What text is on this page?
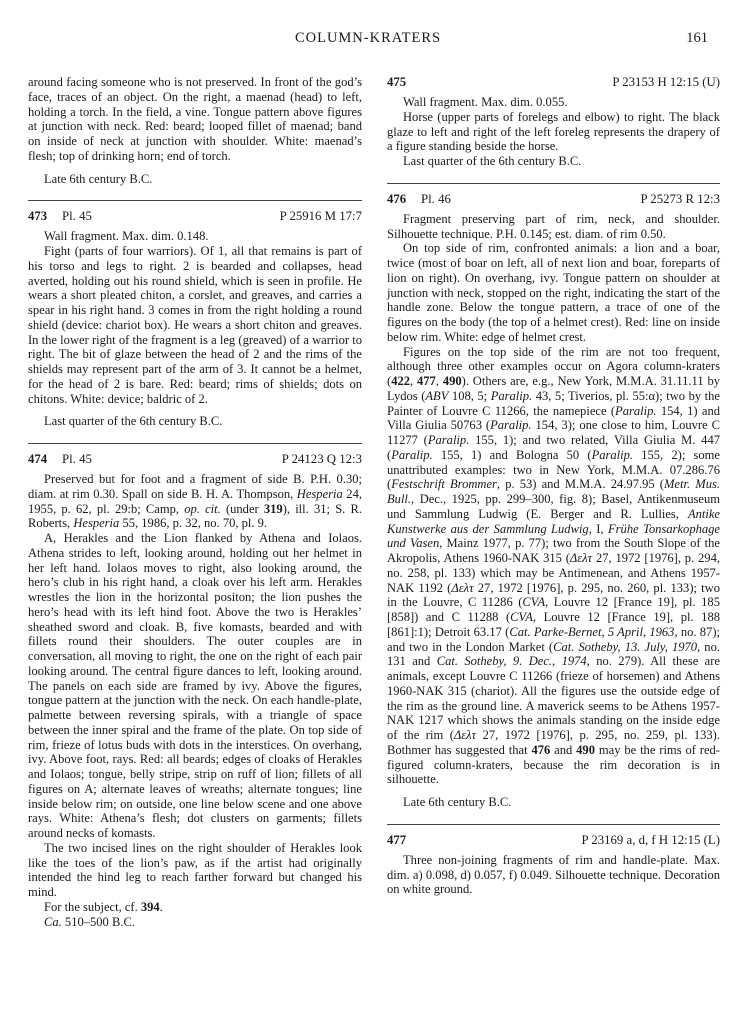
COLUMN-KRATERS	161

around facing someone who is not preserved. In front of the god’s face, traces of an object. On the right, a maenad (head) to left, holding a torch. In the field, a vine. Tongue pattern above figures at junction with neck. Red: beard; looped fillet of maenad; band on inside of neck at junction with shoulder. White: maenad’s flesh; top of drinking horn; end of torch.

Late 6th century B.C.

473 Pl. 45	P 25916 M 17:7

Wall fragment. Max. dim. 0.148.

Fight (parts of four warriors). Of 1, all that remains is part of his torso and legs to right. 2 is bearded and collapses, head averted, holding out his round shield, which is seen in profile. He wears a short pleated chiton, a corslet, and greaves, and carries a spear in his right hand. 3 comes in from the right holding a round shield (device: chariot box). He wears a short chiton and greaves. In the lower right of the fragment is a leg (greaved) of a warrior to right. The bit of glaze between the head of 2 and the rims of the shields may represent part of the arm of 3. It cannot be a helmet, for the head of 2 is bare. Red: beard; rims of shields; dots on chitons. White: device; baldric of 2.

Last quarter of the 6th century B.C.

474 Pl. 45	P 24123 Q 12:3

Preserved but for foot and a fragment of side B. P.H. 0.30; diam. at rim 0.30. Spall on side B. H. A. Thompson, Hesperia 24, 1955, p. 62, pl. 29:b; Camp, op. cit. (under 319), ill. 31; S. R. Roberts, Hesperia 55, 1986, p. 32, no. 70, pl. 9.

A, Herakles and the Lion flanked by Athena and Iolaos. Athena strides to left, looking around, holding out her helmet in her left hand. Iolaos moves to right, also looking around, the hero’s club in his right hand, a cloak over his left arm. Herakles wrestles the lion in the horizontal positon; the lion pushes the hero’s head with its left hind foot. Above the two is Herakles’ sheathed sword and cloak. B, five komasts, bearded and with fillets round their shoulders. The outer couples are in conversation, all moving to right, the one on the right of each pair looking around. The central figure dances to left, looking around. The panels on each side are framed by ivy. Above the figures, tongue pattern at the junction with the neck. On each handle-plate, palmette between reversing spirals, with a triangle of space between the inner spiral and the frame of the plate. On top side of rim, frieze of lotus buds with dots in the interstices. On overhang, ivy. Above foot, rays. Red: all beards; edges of cloaks of Herakles and Iolaos; tongue, belly stripe, strip on ruff of lion; fillets of all figures on A; alternate leaves of wreaths; alternate tongues; line inside below rim; on outside, one line below scene and one above rays. White: Athena’s flesh; dot clusters on garments; fillets around necks of komasts.

The two incised lines on the right shoulder of Herakles look like the toes of the lion’s paw, as if the artist had originally intended the hind leg to reach farther forward but changed his mind.

For the subject, cf. 394.

Ca. 510–500 B.C.

475	P 23153 H 12:15 (U)

Wall fragment. Max. dim. 0.055.

Horse (upper parts of forelegs and elbow) to right. The black glaze to left and right of the left foreleg represents the drapery of a figure standing beside the horse.

Last quarter of the 6th century B.C.

476 Pl. 46	P 25273 R 12:3

Fragment preserving part of rim, neck, and shoulder. Silhouette technique. P.H. 0.145; est. diam. of rim 0.50.

On top side of rim, confronted animals: a lion and a boar, twice (most of boar on left, all of next lion and boar, foreparts of lion on right). On overhang, ivy. Tongue pattern on shoulder at junction with neck, stopped on the right, indicating the start of the handle zone. Below the tongue pattern, a trace of one of the figures on the body (the top of a helmet crest). Red: line on inside below rim. White: edge of helmet crest.

Figures on the top side of the rim are not too frequent, although three other examples occur on Agora column-kraters (422, 477, 490). Others are, e.g., New York, M.M.A. 31.11.11 by Lydos (ABV 108, 5; Paralip. 43, 5; Tiverios, pl. 55:α); two by the Painter of Louvre C 11266, the namepiece (Paralip. 154, 1) and Villa Giulia 50763 (Paralip. 154, 3); one close to him, Louvre C 11277 (Paralip. 155, 1); and two related, Villa Giulia M. 447 (Paralip. 155, 1) and Bologna 50 (Paralip. 155, 2); some unattributed examples: two in New York, M.M.A. 07.286.76 (Festschrift Brommer, p. 53) and M.M.A. 24.97.95 (Metr. Mus. Bull., Dec., 1925, pp. 299–300, fig. 8); Basel, Antikenmuseum und Sammlung Ludwig (E. Berger and R. Lullies, Antike Kunstwerke aus der Sammlung Ludwig, I, Frühe Tonsarkophage und Vasen, Mainz 1977, p. 77); two from the South Slope of the Akropolis, Athens 1960-NAK 315 (Δελτ 27, 1972 [1976], p. 294, no. 258, pl. 133) which may be Antimenean, and Athens 1957-NAK 1192 (Δελτ 27, 1972 [1976], p. 295, no. 260, pl. 133); two in the Louvre, C 11286 (CVA, Louvre 12 [France 19], pl. 185 [858]) and C 11288 (CVA, Louvre 12 [France 19], pl. 188 [861]:1); Detroit 63.17 (Cat. Parke-Bernet, 5 April, 1963, no. 87); and two in the London Market (Cat. Sotheby, 13. July, 1970, no. 131 and Cat. Sotheby, 9. Dec., 1974, no. 279). All these are animals, except Louvre C 11266 (frieze of horsemen) and Athens 1960-NAK 315 (chariot). All the figures use the outside edge of the rim as the ground line. A maverick seems to be Athens 1957-NAK 1217 which shows the animals standing on the inside edge of the rim (Δελτ 27, 1972 [1976], p. 295, no. 259, pl. 133). Bothmer has suggested that 476 and 490 may be the rims of red-figured column-kraters, because the rim decoration is in silhouette.

Late 6th century B.C.

477	P 23169 a, d, f H 12:15 (L)

Three non-joining fragments of rim and handle-plate. Max. dim. a) 0.098, d) 0.057, f) 0.049. Silhouette technique. Decoration on white ground.
